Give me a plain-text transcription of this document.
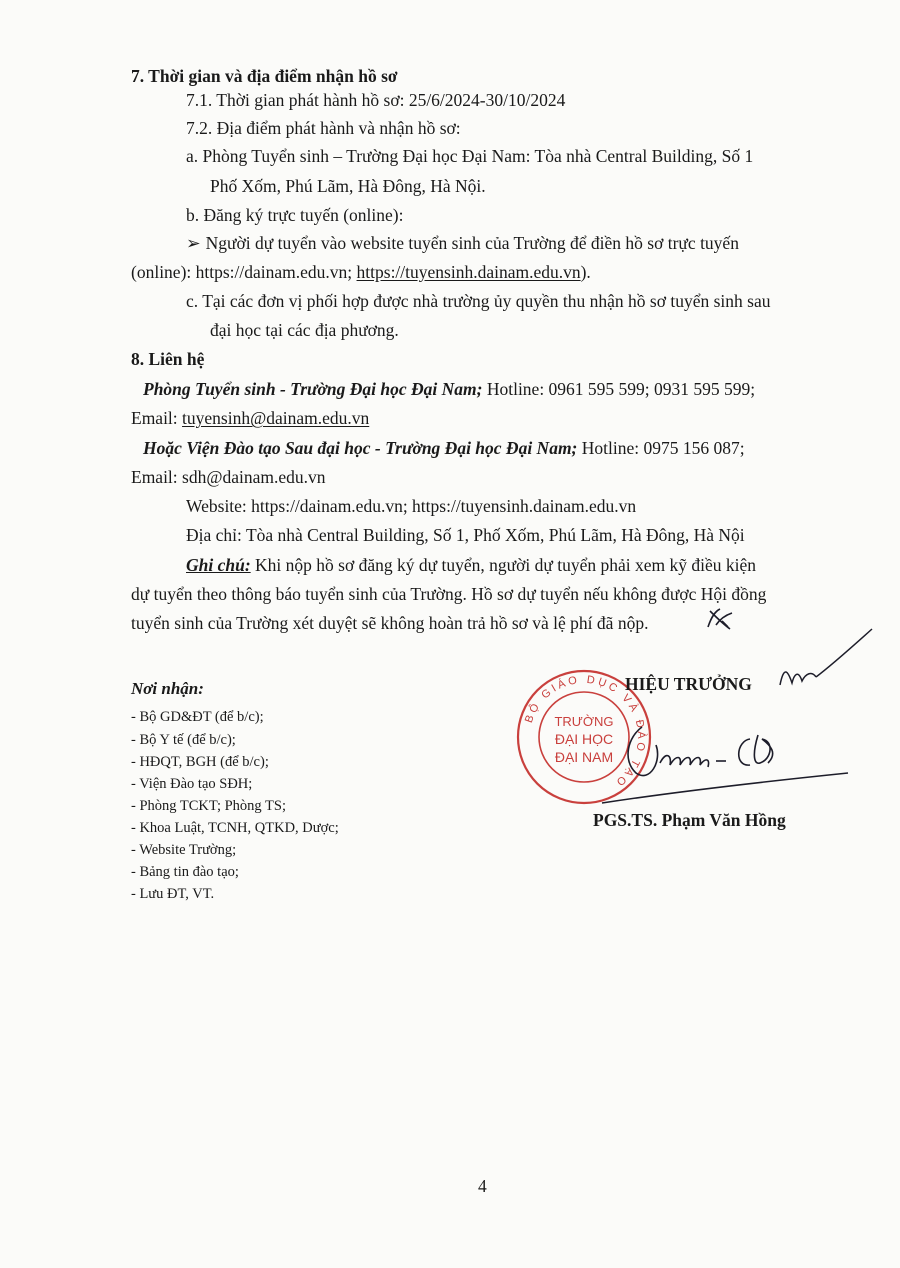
7. Thời gian và địa điểm nhận hồ sơ
7.1. Thời gian phát hành hồ sơ: 25/6/2024-30/10/2024
7.2. Địa điểm phát hành và nhận hồ sơ:
a. Phòng Tuyển sinh – Trường Đại học Đại Nam: Tòa nhà Central Building, Số 1
Phố Xốm, Phú Lãm, Hà Đông, Hà Nội.
b. Đăng ký trực tuyến (online):
➢ Người dự tuyển vào website tuyển sinh của Trường để điền hồ sơ trực tuyến
(online): https://dainam.edu.vn; https://tuyensinh.dainam.edu.vn).
c. Tại các đơn vị phối hợp được nhà trường ủy quyền thu nhận hồ sơ tuyển sinh sau
đại học tại các địa phương.
8. Liên hệ
Phòng Tuyển sinh - Trường Đại học Đại Nam; Hotline: 0961 595 599; 0931 595 599;
Email: tuyensinh@dainam.edu.vn
Hoặc Viện Đào tạo Sau đại học - Trường Đại học Đại Nam; Hotline: 0975 156 087;
Email: sdh@dainam.edu.vn
Website: https://dainam.edu.vn; https://tuyensinh.dainam.edu.vn
Địa chỉ: Tòa nhà Central Building, Số 1, Phố Xốm, Phú Lãm, Hà Đông, Hà Nội
Ghi chú: Khi nộp hồ sơ đăng ký dự tuyển, người dự tuyển phải xem kỹ điều kiện
dự tuyển theo thông báo tuyển sinh của Trường. Hồ sơ dự tuyển nếu không được Hội đồng
tuyển sinh của Trường xét duyệt sẽ không hoàn trả hồ sơ và lệ phí đã nộp.
Nơi nhận:
- Bộ GD&ĐT (để b/c);
- Bộ Y tế (để b/c);
- HĐQT, BGH (để b/c);
- Viện Đào tạo SĐH;
- Phòng TCKT; Phòng TS;
- Khoa Luật, TCNH, QTKD, Dược;
- Website Trường;
- Bảng tin đào tạo;
- Lưu ĐT, VT.
BỘ GIÁO DỤC VÀ ĐÀO TẠO
TRƯỜNG
ĐẠI HỌC
ĐẠI NAM
HIỆU TRƯỞNG
PGS.TS. Phạm Văn Hồng
4
